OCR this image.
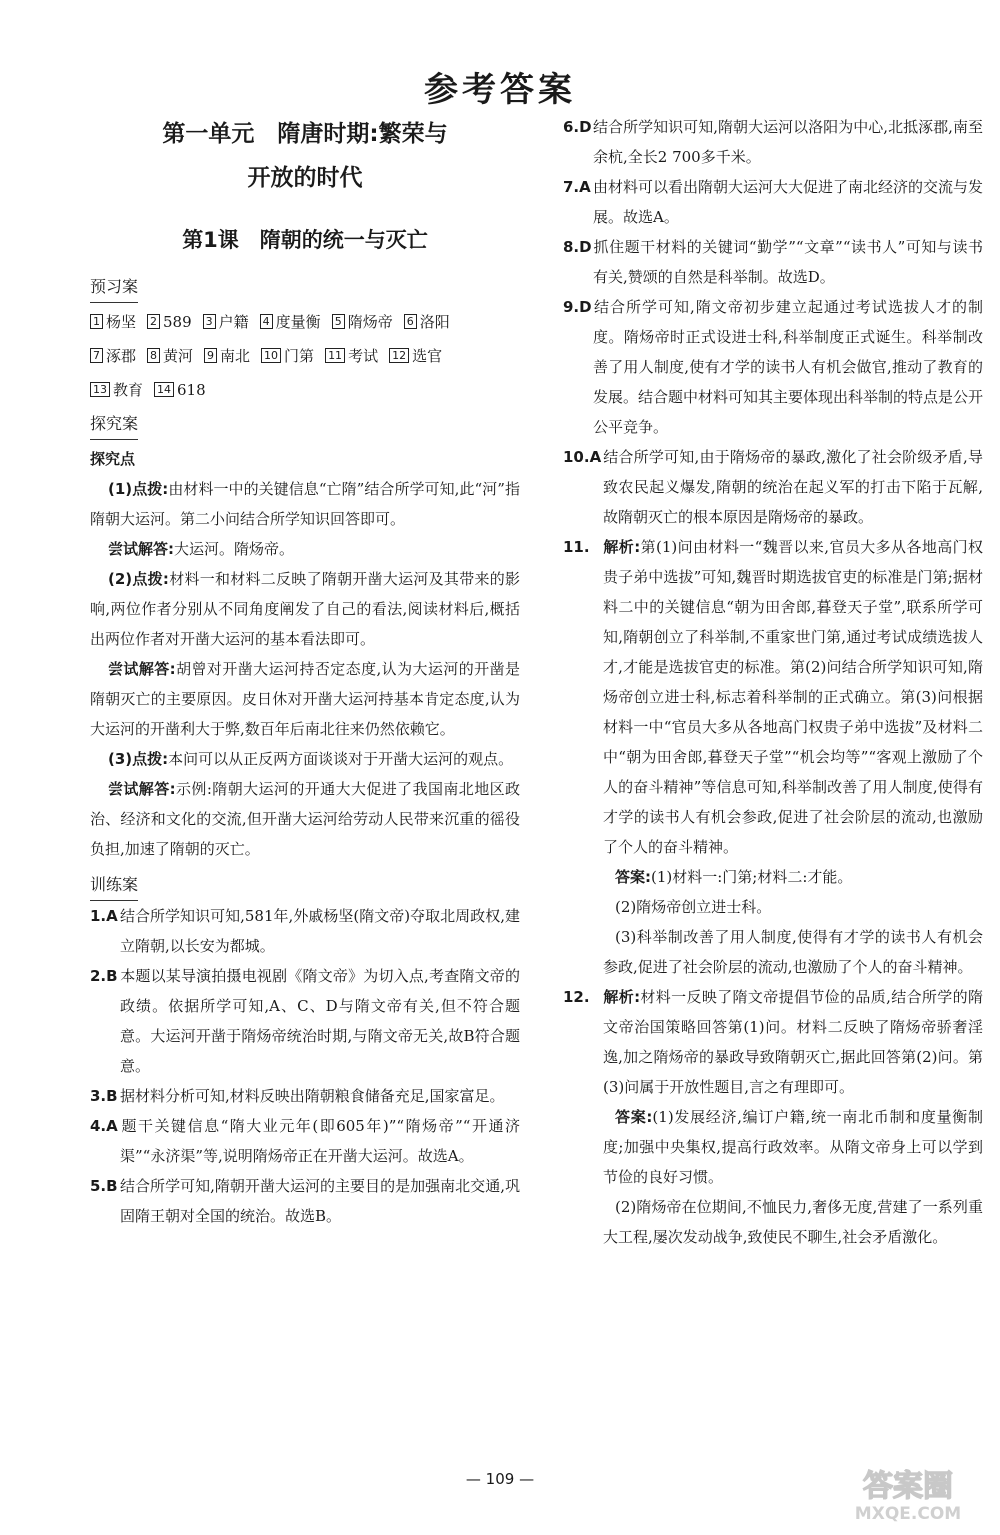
参考答案
第一单元　隋唐时期:繁荣与
开放的时代
第1课　隋朝的统一与灭亡
预习案
1 杨坚 2 589 3 户籍 4 度量衡 5 隋炀帝 6 洛阳
7 涿郡 8 黄河 9 南北 10 门第 11 考试 12 选官
13 教育 14 618
探究案
探究点

(1)点拨:由材料一中的关键信息“亡隋”结合所学可知,此“河”指隋朝大运河。第二小问结合所学知识回答即可。

尝试解答:大运河。隋炀帝。

(2)点拨:材料一和材料二反映了隋朝开凿大运河及其带来的影响,两位作者分别从不同角度阐发了自己的看法,阅读材料后,概括出两位作者对开凿大运河的基本看法即可。

尝试解答:胡曾对开凿大运河持否定态度,认为大运河的开凿是隋朝灭亡的主要原因。皮日休对开凿大运河持基本肯定态度,认为大运河的开凿利大于弊,数百年后南北往来仍然依赖它。

(3)点拨:本问可以从正反两方面谈谈对于开凿大运河的观点。

尝试解答:示例:隋朝大运河的开通大大促进了我国南北地区政治、经济和文化的交流,但开凿大运河给劳动人民带来沉重的徭役负担,加速了隋朝的灭亡。

训练案

1.A 结合所学知识可知,581年,外戚杨坚(隋文帝)夺取北周政权,建立隋朝,以长安为都城。

2.B 本题以某导演拍摄电视剧《隋文帝》为切入点,考查隋文帝的政绩。依据所学可知,A、C、D与隋文帝有关,但不符合题意。大运河开凿于隋炀帝统治时期,与隋文帝无关,故B符合题意。

3.B 据材料分析可知,材料反映出隋朝粮食储备充足,国家富足。

4.A 题干关键信息“隋大业元年(即605年)”“隋炀帝”“开通济渠”“永济渠”等,说明隋炀帝正在开凿大运河。故选A。

5.B 结合所学可知,隋朝开凿大运河的主要目的是加强南北交通,巩固隋王朝对全国的统治。故选B。

6.D结合所学知识可知,隋朝大运河以洛阳为中心,北抵涿郡,南至余杭,全长2 700多千米。

7.A 由材料可以看出隋朝大运河大大促进了南北经济的交流与发展。故选A。

8.D抓住题干材料的关键词“勤学”“文章”“读书人”可知与读书有关,赞颂的自然是科举制。故选D。

9.D结合所学可知,隋文帝初步建立起通过考试选拔人才的制度。隋炀帝时正式设进士科,科举制度正式诞生。科举制改善了用人制度,使有才学的读书人有机会做官,推动了教育的发展。结合题中材料可知其主要体现出科举制的特点是公开公平竞争。

10.A 结合所学可知,由于隋炀帝的暴政,激化了社会阶级矛盾,导致农民起义爆发,隋朝的统治在起义军的打击下陷于瓦解,故隋朝灭亡的根本原因是隋炀帝的暴政。

11. 解析:第(1)问由材料一“魏晋以来,官员大多从各地高门权贵子弟中选拔”可知,魏晋时期选拔官吏的标准是门第;据材料二中的关键信息“朝为田舍郎,暮登天子堂”,联系所学可知,隋朝创立了科举制,不重家世门第,通过考试成绩选拔人才,才能是选拔官吏的标准。第(2)问结合所学知识可知,隋炀帝创立进士科,标志着科举制的正式确立。第(3)问根据材料一中“官员大多从各地高门权贵子弟中选拔”及材料二中“朝为田舍郎,暮登天子堂”“机会均等”“客观上激励了个人的奋斗精神”等信息可知,科举制改善了用人制度,使得有才学的读书人有机会参政,促进了社会阶层的流动,也激励了个人的奋斗精神。

答案:(1)材料一:门第;材料二:才能。

(2)隋炀帝创立进士科。

(3)科举制改善了用人制度,使得有才学的读书人有机会参政,促进了社会阶层的流动,也激励了个人的奋斗精神。

12. 解析:材料一反映了隋文帝提倡节俭的品质,结合所学的隋文帝治国策略回答第(1)问。材料二反映了隋炀帝骄奢淫逸,加之隋炀帝的暴政导致隋朝灭亡,据此回答第(2)问。第(3)问属于开放性题目,言之有理即可。

答案:(1)发展经济,编订户籍,统一南北币制和度量衡制度;加强中央集权,提高行政效率。从隋文帝身上可以学到节俭的良好习惯。

(2)隋炀帝在位期间,不恤民力,奢侈无度,营建了一系列重大工程,屡次发动战争,致使民不聊生,社会矛盾激化。

— 109 —	答案圈
MXQE.COM
